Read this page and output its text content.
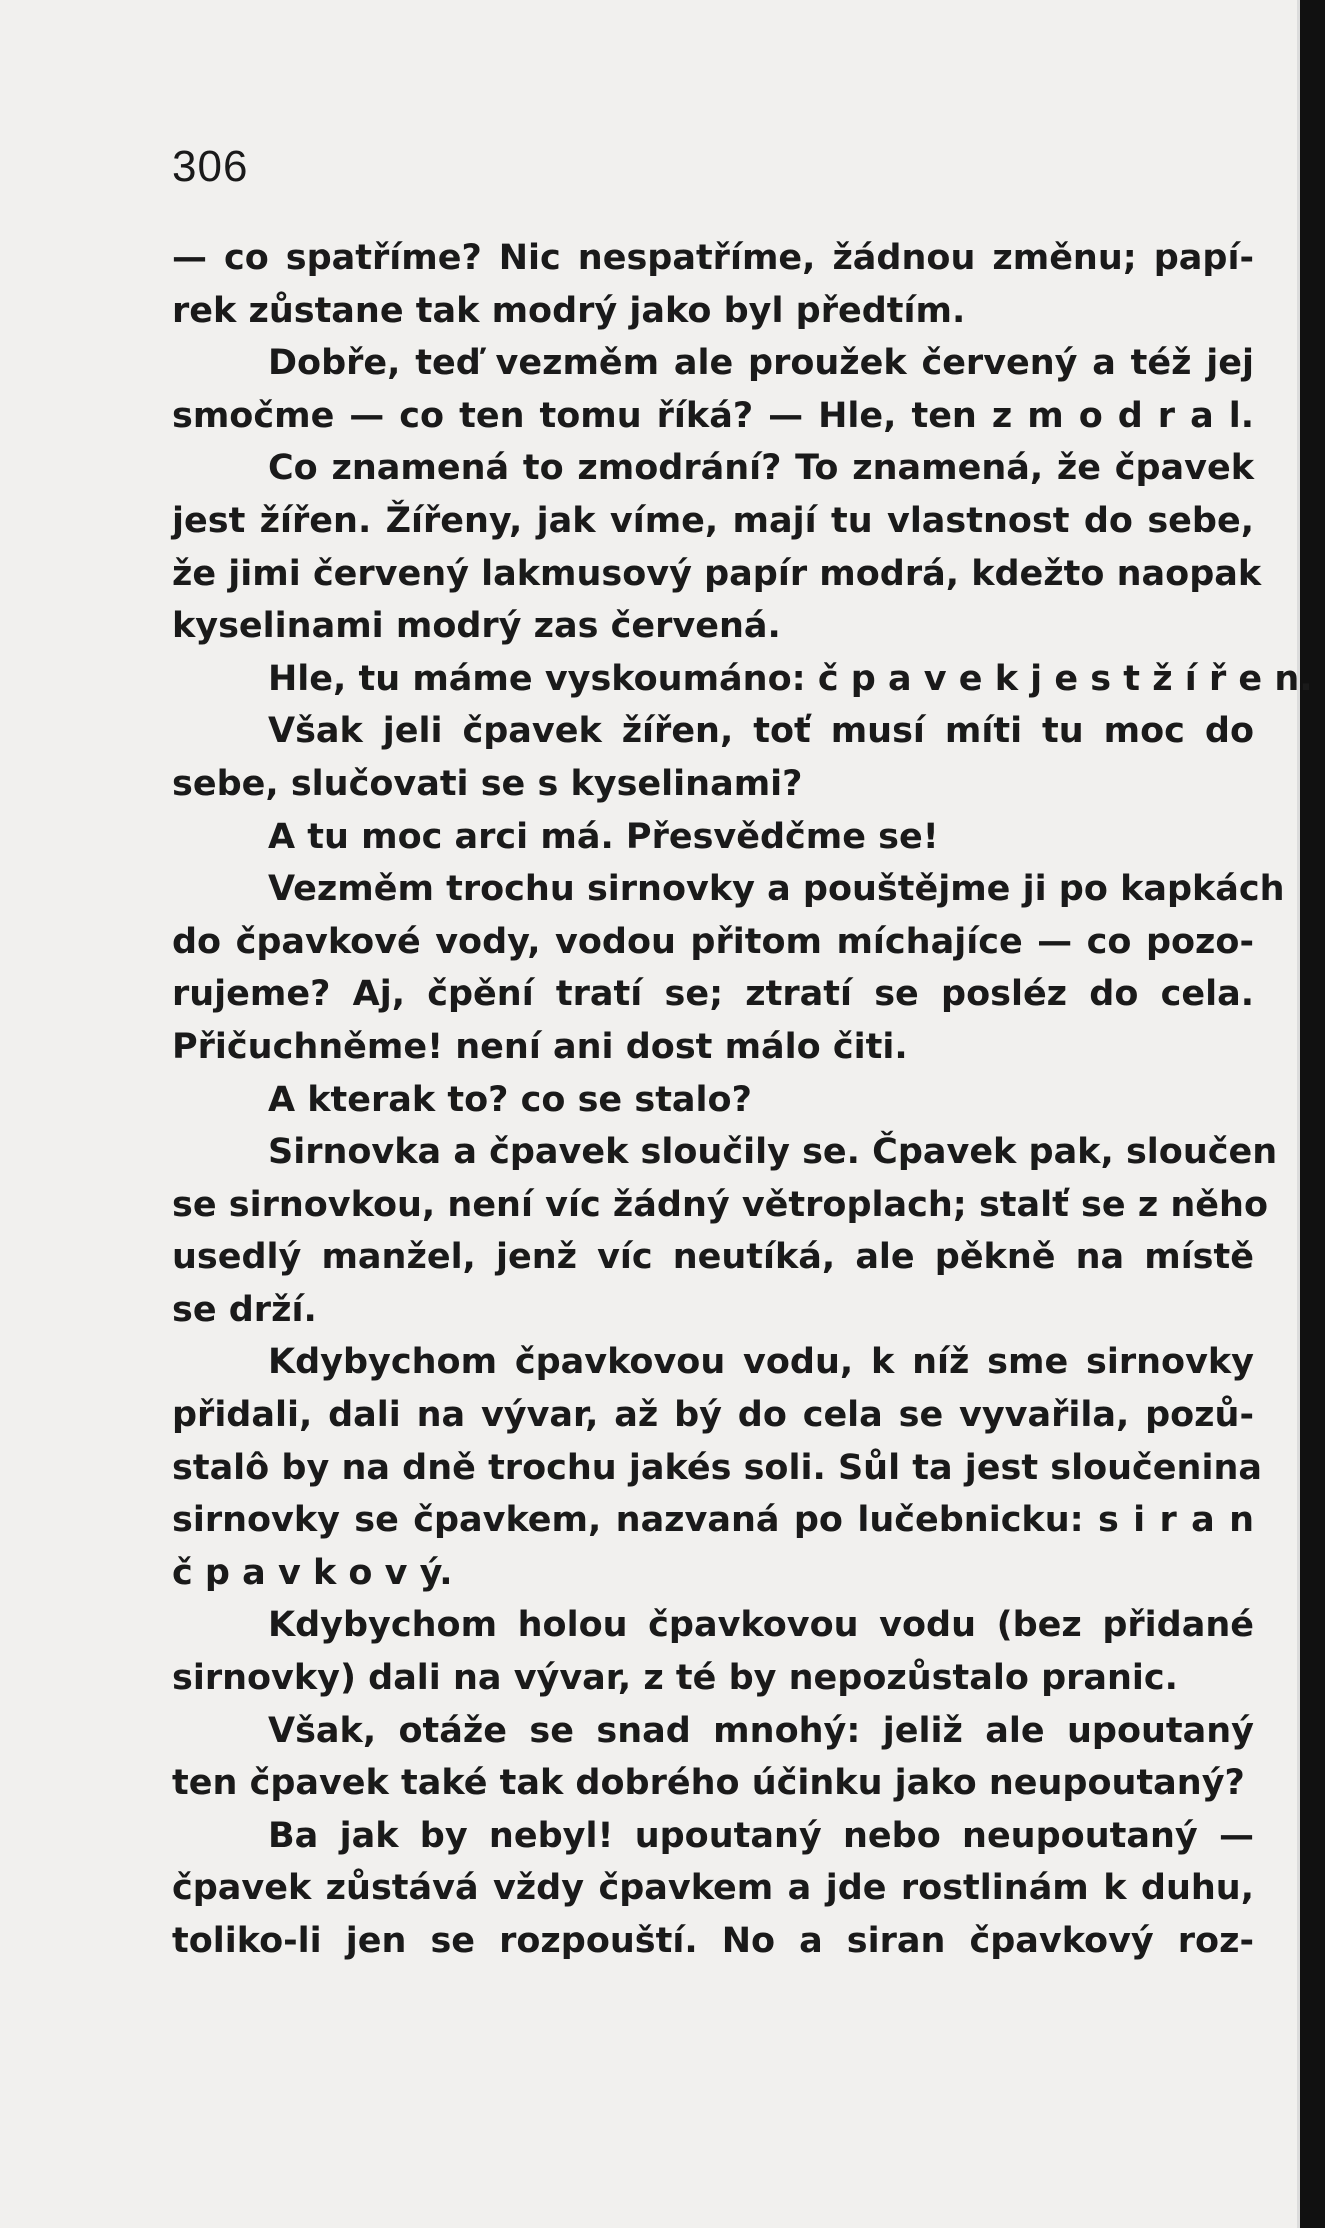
306
— co spatříme? Nic nespatříme, žádnou změnu; papí-
rek zůstane tak modrý jako byl předtím.
Dobře, teď vezměm ale proužek červený a též jej
smočme — co ten tomu říká? — Hle, ten z m o d r a l.
Co znamená to zmodrání? To znamená, že čpavek
jest žířen. Žířeny, jak víme, mají tu vlastnost do sebe,
že jimi červený lakmusový papír modrá, kdežto naopak
kyselinami modrý zas červená.
Hle, tu máme vyskoumáno: č p a v e k j e s t ž í ř e n.
Však jeli čpavek žířen, toť musí míti tu moc do
sebe, slučovati se s kyselinami?
A tu moc arci má. Přesvědčme se!
Vezměm trochu sirnovky a pouštějme ji po kapkách
do čpavkové vody, vodou přitom míchajíce — co pozo-
rujeme? Aj, čpění tratí se; ztratí se posléz do cela.
Přičuchněme! není ani dost málo čiti.
A kterak to? co se stalo?
Sirnovka a čpavek sloučily se. Čpavek pak, sloučen
se sirnovkou, není víc žádný větroplach; stalť se z něho
usedlý manžel, jenž víc neutíká, ale pěkně na místě
se drží.
Kdybychom čpavkovou vodu, k níž sme sirnovky
přidali, dali na vývar, až bý do cela se vyvařila, pozů-
stalô by na dně trochu jakés soli. Sůl ta jest sloučenina
sirnovky se čpavkem, nazvaná po lučebnicku: s i r a n
č p a v k o v ý.
Kdybychom holou čpavkovou vodu (bez přidané
sirnovky) dali na vývar, z té by nepozůstalo pranic.
Však, otáže se snad mnohý: jeliž ale upoutaný
ten čpavek také tak dobrého účinku jako neupoutaný?
Ba jak by nebyl! upoutaný nebo neupoutaný —
čpavek zůstává vždy čpavkem a jde rostlinám k duhu,
toliko-li jen se rozpouští. No a siran čpavkový roz-
